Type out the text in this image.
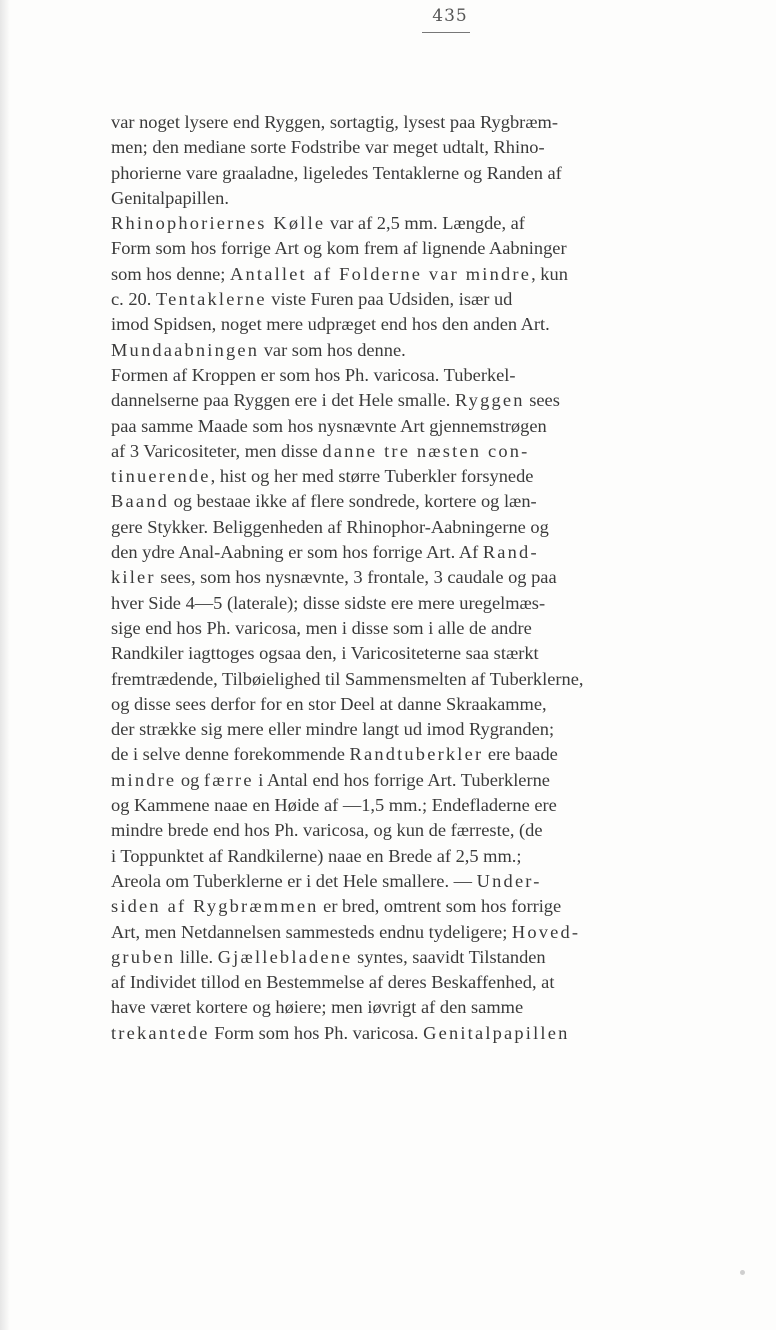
435
var noget lysere end Ryggen, sortagtig, lysest paa Rygbræm-
men; den mediane sorte Fodstribe var meget udtalt, Rhino-
phorierne vare graaladne, ligeledes Tentaklerne og Randen af
Genitalpapillen.
Rhinophoriernes Kølle var af 2,5 mm. Længde, af
Form som hos forrige Art og kom frem af lignende Aabninger
som hos denne; Antallet af Folderne var mindre, kun
c. 20. Tentaklerne viste Furen paa Udsiden, især ud
imod Spidsen, noget mere udpræget end hos den anden Art.
Mundaabningen var som hos denne.
Formen af Kroppen er som hos Ph. varicosa. Tuberkel-
dannelserne paa Ryggen ere i det Hele smalle. Ryggen sees
paa samme Maade som hos nysnævnte Art gjennemstrøgen
af 3 Varicositeter, men disse danne tre næsten con-
tinuerende, hist og her med større Tuberkler forsynede
Baand og bestaae ikke af flere sondrede, kortere og læn-
gere Stykker. Beliggenheden af Rhinophor-Aabningerne og
den ydre Anal-Aabning er som hos forrige Art. Af Rand-
kiler sees, som hos nysnævnte, 3 frontale, 3 caudale og paa
hver Side 4—5 (laterale); disse sidste ere mere uregelmæs-
sige end hos Ph. varicosa, men i disse som i alle de andre
Randkiler iagttoges ogsaa den, i Varicositeterne saa stærkt
fremtrædende, Tilbøielighed til Sammensmelten af Tuberklerne,
og disse sees derfor for en stor Deel at danne Skraakamme,
der strække sig mere eller mindre langt ud imod Rygranden;
de i selve denne forekommende Randtuberkler ere baade
mindre og færre i Antal end hos forrige Art. Tuberklerne
og Kammene naae en Høide af —1,5 mm.; Endefladerne ere
mindre brede end hos Ph. varicosa, og kun de færreste, (de
i Toppunktet af Randkilerne) naae en Brede af 2,5 mm.;
Areola om Tuberklerne er i det Hele smallere. — Under-
siden af Rygbræmmen er bred, omtrent som hos forrige
Art, men Netdannelsen sammesteds endnu tydeligere; Hoved-
gruben lille. Gjællebladene syntes, saavidt Tilstanden
af Individet tillod en Bestemmelse af deres Beskaffenhed, at
have været kortere og høiere; men iøvrigt af den samme
trekantede Form som hos Ph. varicosa. Genitalpapillen
